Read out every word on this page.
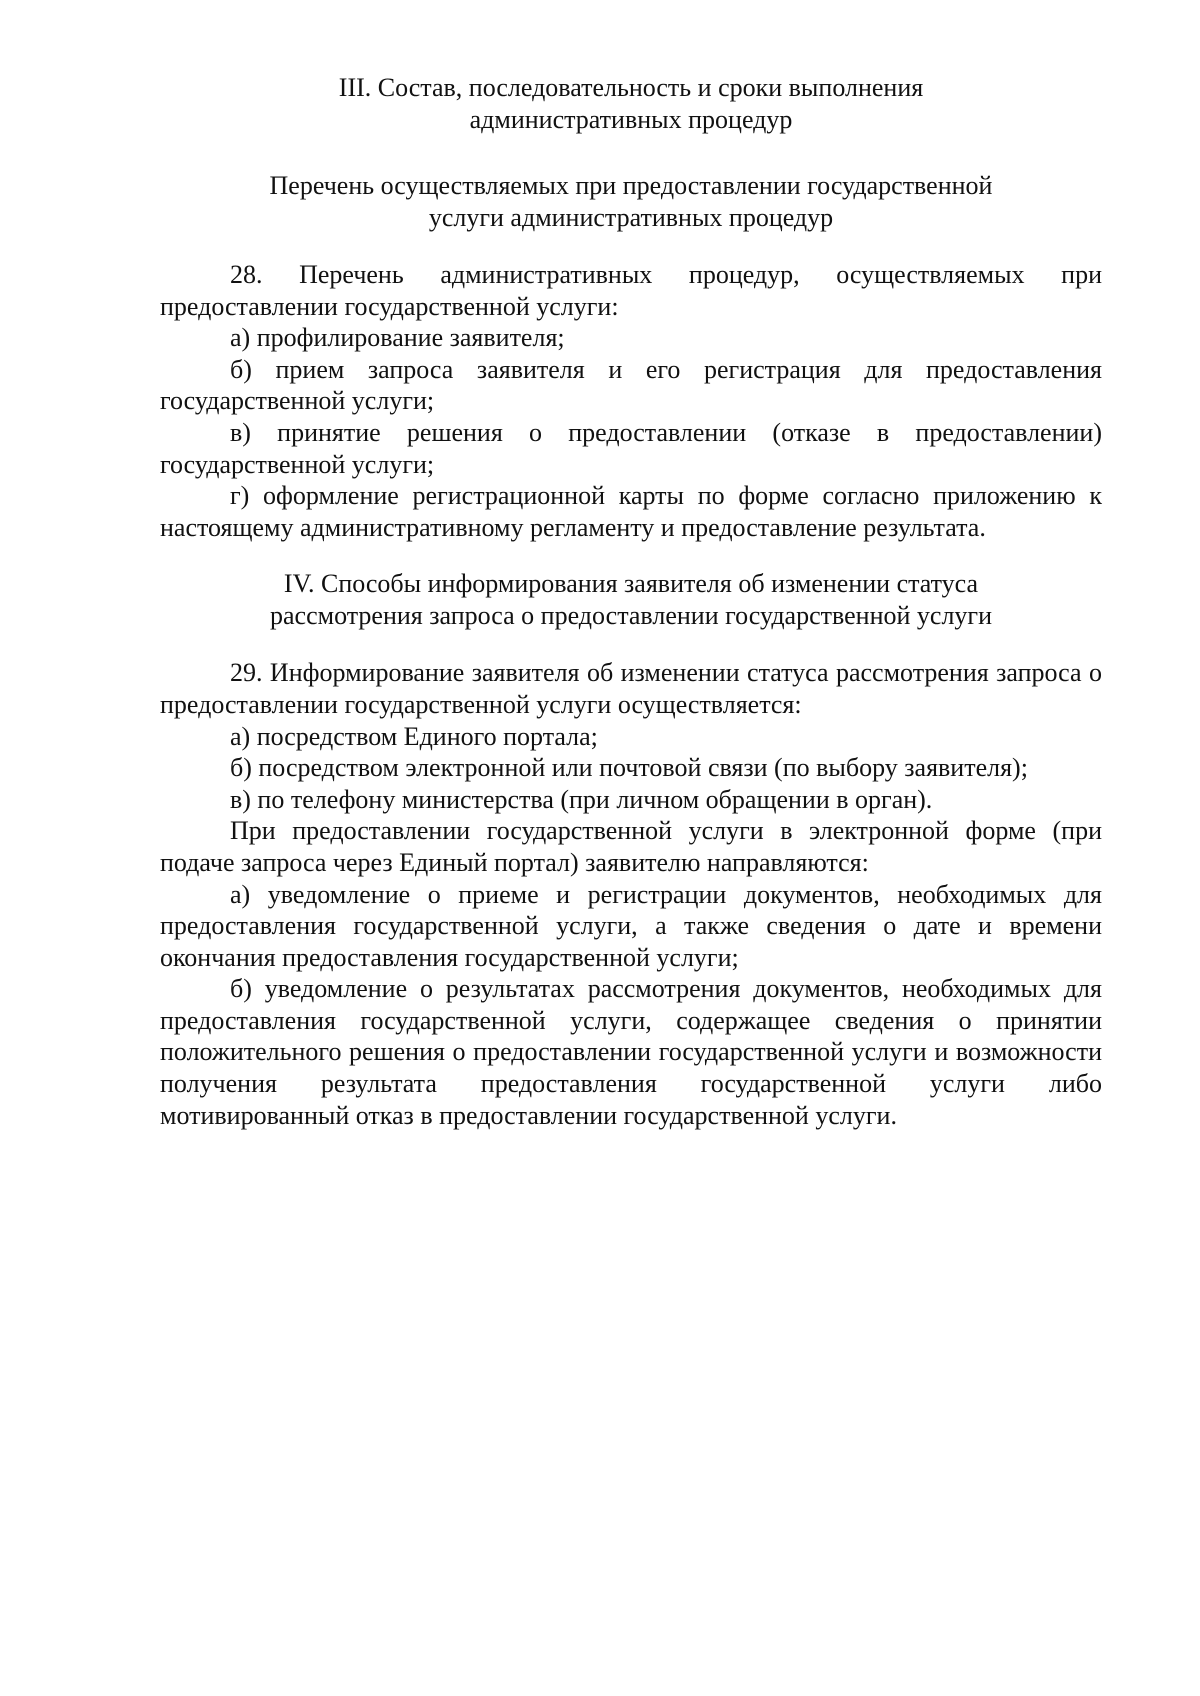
III. Состав, последовательность и сроки выполнения
административных процедур
Перечень осуществляемых при предоставлении государственной
услуги административных процедур

28. Перечень административных процедур, осуществляемых при предоставлении государственной услуги:

а) профилирование заявителя;

б) прием запроса заявителя и его регистрация для предоставления государственной услуги;

в) принятие решения о предоставлении (отказе в предоставлении) государственной услуги;

г) оформление регистрационной карты по форме согласно приложению к настоящему административному регламенту и предоставление результата.

IV. Способы информирования заявителя об изменении статуса
рассмотрения запроса о предоставлении государственной услуги

29. Информирование заявителя об изменении статуса рассмотрения запроса о предоставлении государственной услуги осуществляется:

а) посредством Единого портала;

б) посредством электронной или почтовой связи (по выбору заявителя);

в) по телефону министерства (при личном обращении в орган).

При предоставлении государственной услуги в электронной форме (при подаче запроса через Единый портал) заявителю направляются:

а) уведомление о приеме и регистрации документов, необходимых для предоставления государственной услуги, а также сведения о дате и времени окончания предоставления государственной услуги;

б) уведомление о результатах рассмотрения документов, необходимых для предоставления государственной услуги, содержащее сведения о принятии положительного решения о предоставлении государственной услуги и возможности получения результата предоставления государственной услуги либо мотивированный отказ в предоставлении государственной услуги.
